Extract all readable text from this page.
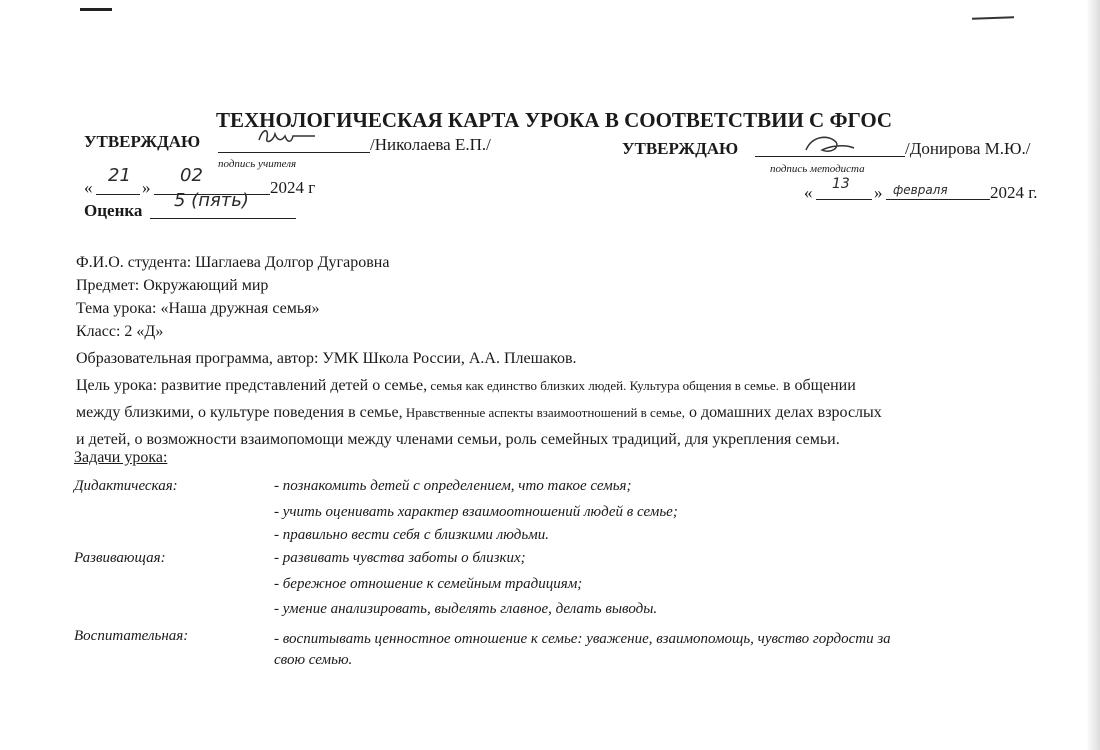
ТЕХНОЛОГИЧЕСКАЯ КАРТА УРОКА В СООТВЕТСТВИИ С ФГОС
УТВЕРЖДАЮ	/Николаева Е.П./
подпись учителя
«
21
»
02
2024 г
Оценка 5 (пять)
УТВЕРЖДАЮ	/Донирова М.Ю./
подпись методиста
« 13 » февраля 2024 г.
Ф.И.О. студента: Шаглаева Долгор Дугаровна
Предмет: Окружающий мир
Тема урока: «Наша дружная семья»
Класс: 2 «Д»
Образовательная программа, автор: УМК Школа России, А.А. Плешаков.
Цель урока: развитие представлений детей о семье, семья как единство близких людей. Культура общения в семье. в общении
между близкими, о культуре поведения в семье, Нравственные аспекты взаимоотношений в семье, о домашних делах взрослых
и детей, о возможности взаимопомощи между членами семьи, роль семейных традиций, для укрепления семьи.
Задачи урока:
Дидактическая:	- познакомить детей с определением, что такое семья;
- учить оценивать характер взаимоотношений людей в семье;
- правильно вести себя с близкими людьми.
Развивающая:	- развивать чувства заботы о близких;
- бережное отношение к семейным традициям;
- умение анализировать, выделять главное, делать выводы.
Воспитательная:	- воспитывать ценностное отношение к семье: уважение, взаимопомощь, чувство гордости за
свою семью.
